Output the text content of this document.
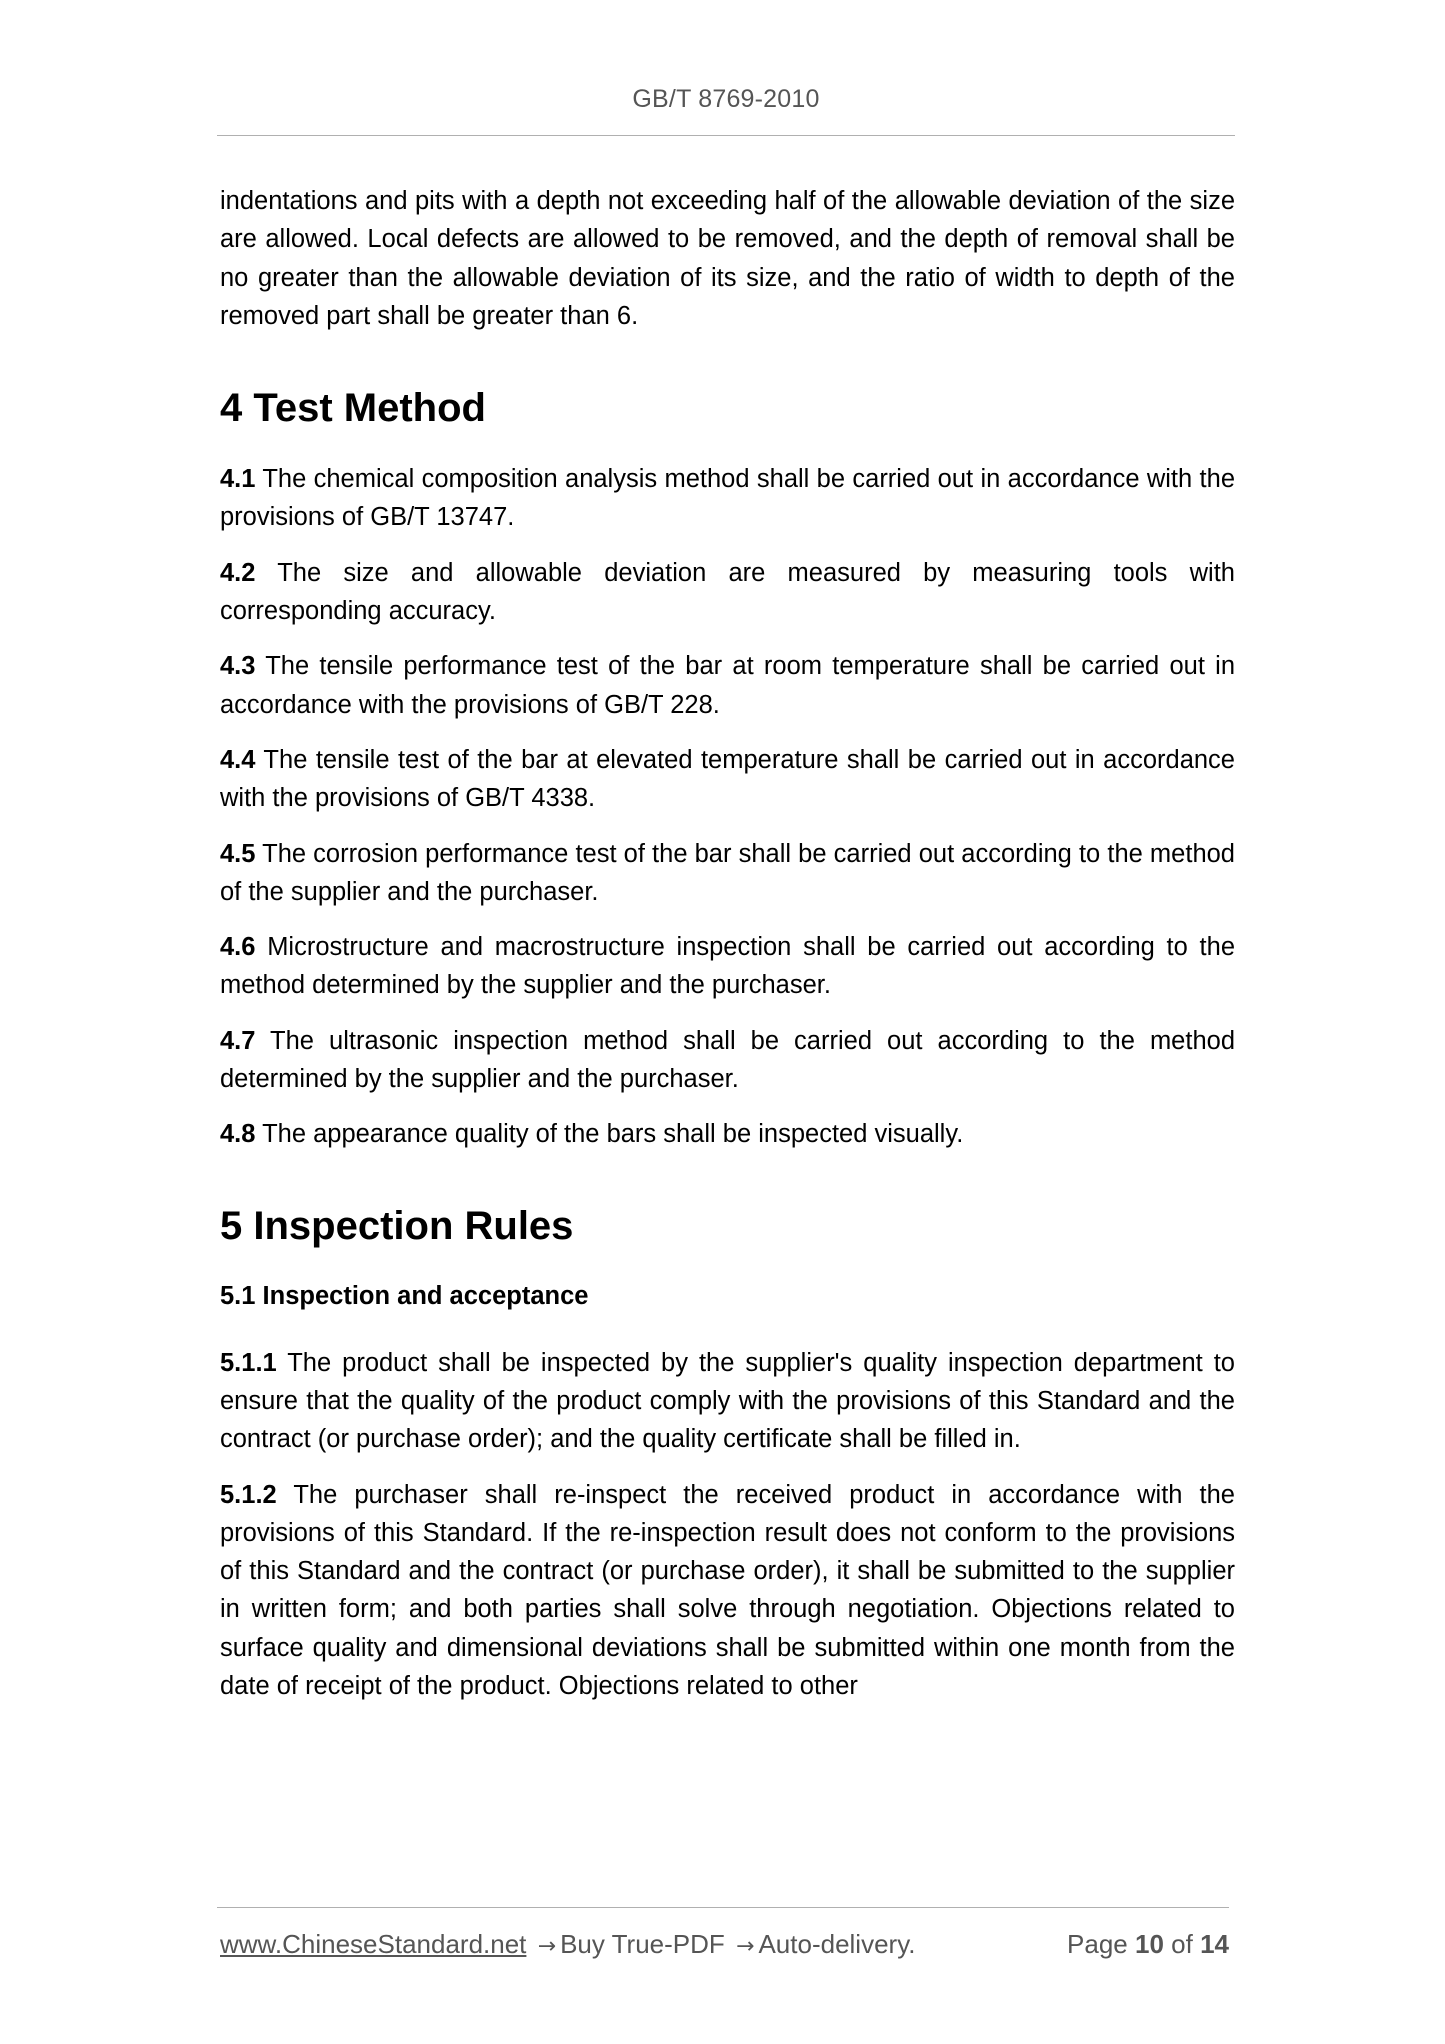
GB/T 8769-2010

indentations and pits with a depth not exceeding half of the allowable deviation of the size are allowed. Local defects are allowed to be removed, and the depth of removal shall be no greater than the allowable deviation of its size, and the ratio of width to depth of the removed part shall be greater than 6.

4 Test Method

4.1 The chemical composition analysis method shall be carried out in accordance with the provisions of GB/T 13747.

4.2 The size and allowable deviation are measured by measuring tools with corresponding accuracy.

4.3 The tensile performance test of the bar at room temperature shall be carried out in accordance with the provisions of GB/T 228.

4.4 The tensile test of the bar at elevated temperature shall be carried out in accordance with the provisions of GB/T 4338.

4.5 The corrosion performance test of the bar shall be carried out according to the method of the supplier and the purchaser.

4.6 Microstructure and macrostructure inspection shall be carried out according to the method determined by the supplier and the purchaser.

4.7 The ultrasonic inspection method shall be carried out according to the method determined by the supplier and the purchaser.

4.8 The appearance quality of the bars shall be inspected visually.

5 Inspection Rules

5.1 Inspection and acceptance

5.1.1 The product shall be inspected by the supplier's quality inspection department to ensure that the quality of the product comply with the provisions of this Standard and the contract (or purchase order); and the quality certificate shall be filled in.

5.1.2 The purchaser shall re-inspect the received product in accordance with the provisions of this Standard. If the re-inspection result does not conform to the provisions of this Standard and the contract (or purchase order), it shall be submitted to the supplier in written form; and both parties shall solve through negotiation. Objections related to surface quality and dimensional deviations shall be submitted within one month from the date of receipt of the product. Objections related to other

www.ChineseStandard.net → Buy True-PDF → Auto-delivery.	Page 10 of 14
